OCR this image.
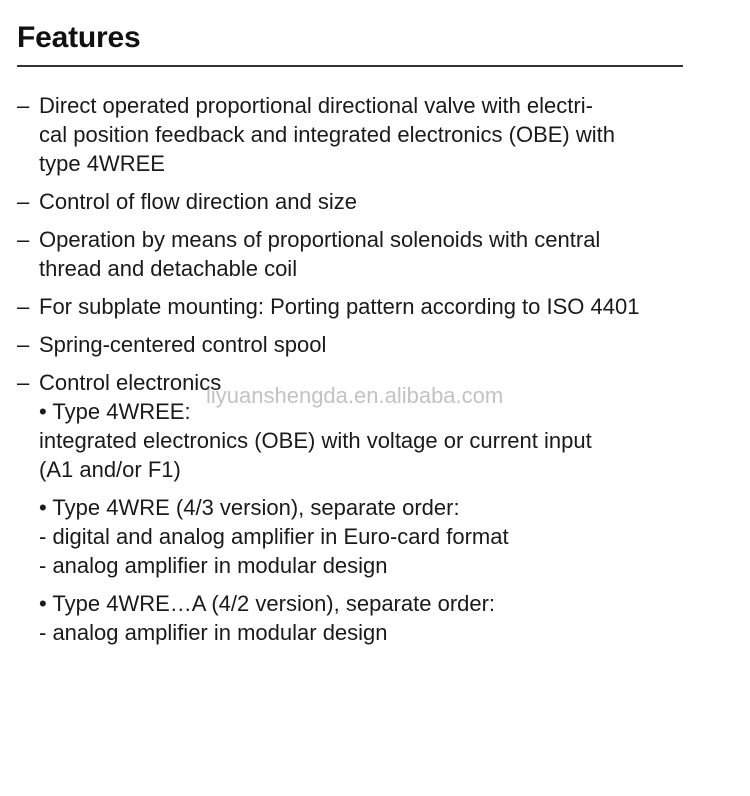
Features
– Direct operated proportional directional valve with electri-
cal position feedback and integrated electronics (OBE) with
type 4WREE
– Control of flow direction and size
– Operation by means of proportional solenoids with central
thread and detachable coil
– For subplate mounting: Porting pattern according to ISO 4401
– Spring-centered control spool
– Control electronics
• Type 4WREE:
integrated electronics (OBE) with voltage or current input
(A1 and/or F1)
• Type 4WRE (4/3 version), separate order:
- digital and analog amplifier in Euro-card format
- analog amplifier in modular design
• Type 4WRE…A (4/2 version), separate order:
- analog amplifier in modular design
liyuanshengda.en.alibaba.com
